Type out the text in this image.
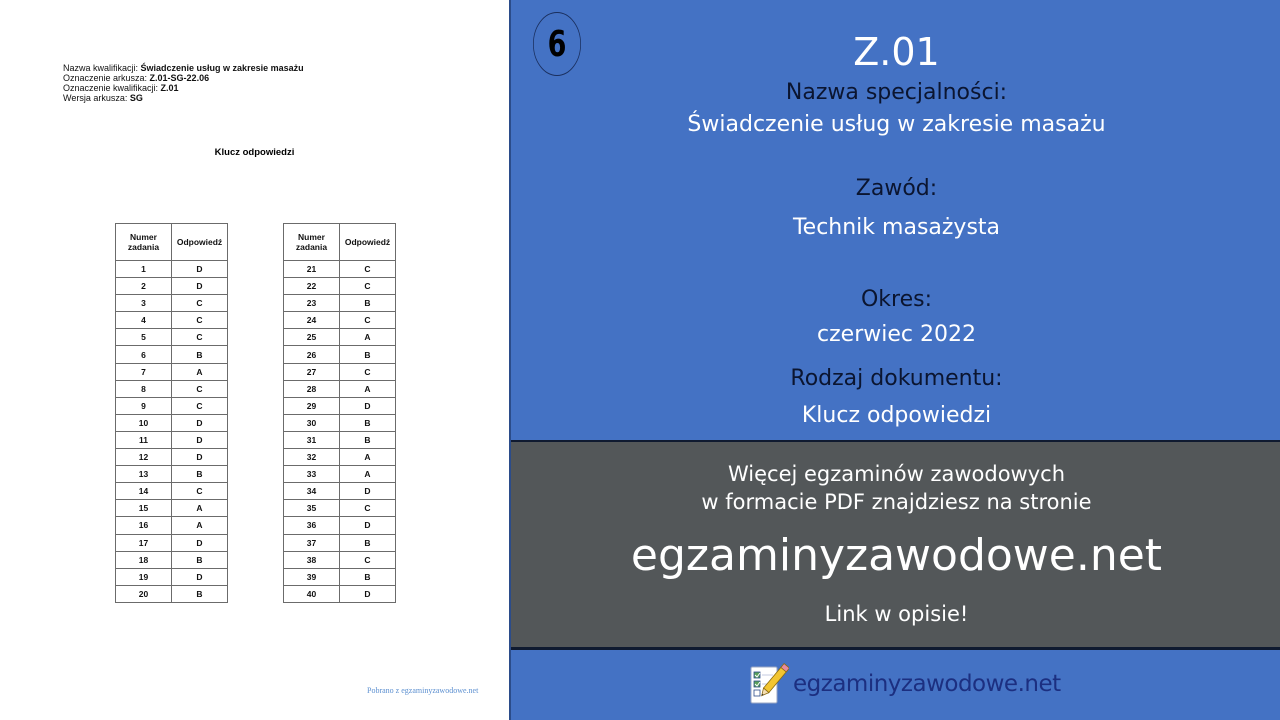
Nazwa kwalifikacji: Świadczenie usług w zakresie masażu
Oznaczenie arkusza: Z.01-SG-22.06
Oznaczenie kwalifikacji: Z.01
Wersja arkusza: SG
Klucz odpowiedzi
Numer zadania	Odpowiedź
1	D
2	D
3	C
4	C
5	C
6	B
7	A
8	C
9	C
10	D
11	D
12	D
13	B
14	C
15	A
16	A
17	D
18	B
19	D
20	B
Numer zadania	Odpowiedź
21	C
22	C
23	B
24	C
25	A
26	B
27	C
28	A
29	D
30	B
31	B
32	A
33	A
34	D
35	C
36	D
37	B
38	C
39	B
40	D
Pobrano z egzaminyzawodowe.net
6	Z.01
Nazwa specjalności:
Świadczenie usług w zakresie masażu
Zawód:
Technik masażysta
Okres:
czerwiec 2022
Rodzaj dokumentu:
Klucz odpowiedzi
Więcej egzaminów zawodowych
w formacie PDF znajdziesz na stronie
egzaminyzawodowe.net
Link w opisie!
egzaminyzawodowe.net
